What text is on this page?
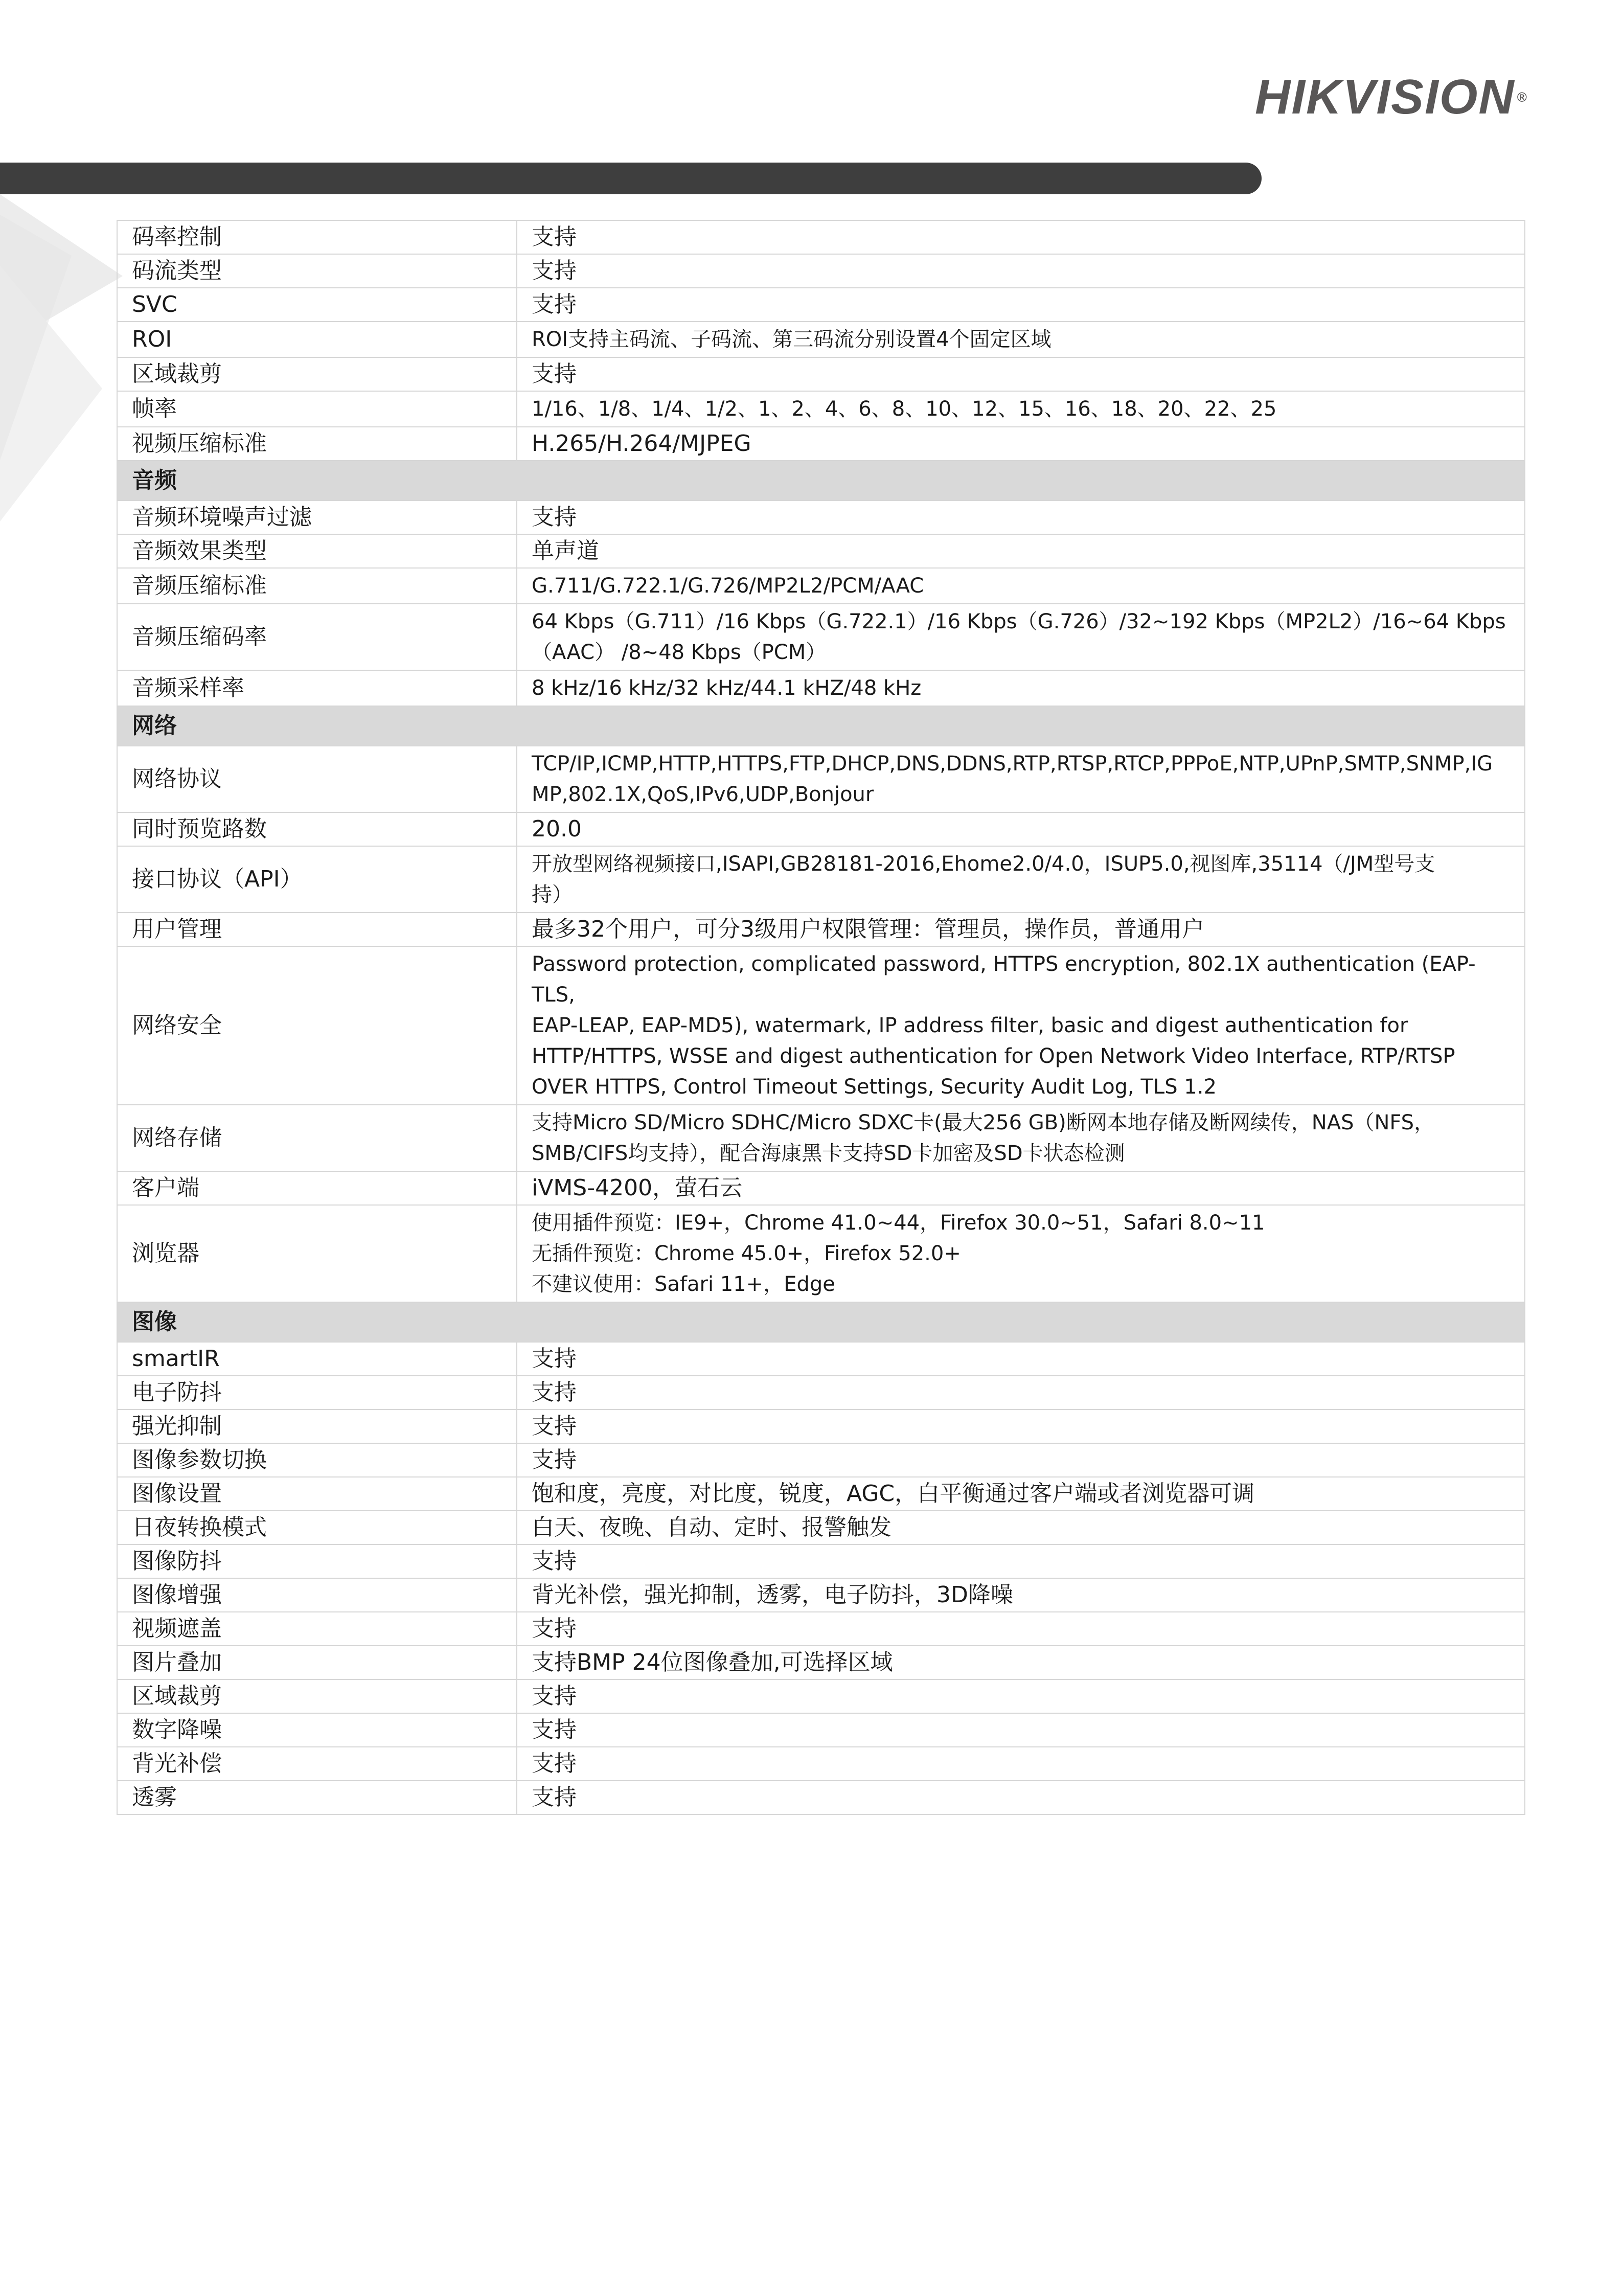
HIKVISION ®
码率控制	支持

码流类型	支持

SVC	支持

ROI	ROI支持主码流、子码流、第三码流分别设置4个固定区域

区域裁剪	支持

帧率	1/16、1/8、1/4、1/2、1、2、4、6、8、10、12、15、16、18、20、22、25

视频压缩标准	H.265/H.264/MJPEG

音频	
音频环境噪声过滤	支持

音频效果类型	单声道

音频压缩标准	G.711/G.722.1/G.726/MP2L2/PCM/AAC

音频压缩码率	64 Kbps（G.711）/16 Kbps（G.722.1）/16 Kbps（G.726）/32~192 Kbps（MP2L2）/16~64 Kbps
（AAC） /8~48 Kbps（PCM）

音频采样率	8 kHz/16 kHz/32 kHz/44.1 kHZ/48 kHz

网络	
网络协议	TCP/IP,ICMP,HTTP,HTTPS,FTP,DHCP,DNS,DDNS,RTP,RTSP,RTCP,PPPoE,NTP,UPnP,SMTP,SNMP,IG
MP,802.1X,QoS,IPv6,UDP,Bonjour

同时预览路数	20.0

接口协议（API）	开放型网络视频接口,ISAPI,GB28181-2016,Ehome2.0/4.0，ISUP5.0,视图库,35114（/JM型号支
持）

用户管理	最多32个用户，可分3级用户权限管理：管理员，操作员，普通用户

网络安全	Password protection, complicated password, HTTPS encryption, 802.1X authentication (EAP-TLS,
EAP-LEAP, EAP-MD5), watermark, IP address filter, basic and digest authentication for
HTTP/HTTPS, WSSE and digest authentication for Open Network Video Interface, RTP/RTSP
OVER HTTPS, Control Timeout Settings, Security Audit Log, TLS 1.2

网络存储	支持Micro SD/Micro SDHC/Micro SDXC卡(最大256 GB)断网本地存储及断网续传，NAS（NFS，
SMB/CIFS均支持），配合海康黑卡支持SD卡加密及SD卡状态检测

客户端	iVMS-4200，萤石云

浏览器	使用插件预览：IE9+，Chrome 41.0~44，Firefox 30.0~51，Safari 8.0~11
无插件预览：Chrome 45.0+，Firefox 52.0+
不建议使用：Safari 11+，Edge

图像	
smartIR	支持

电子防抖	支持

强光抑制	支持

图像参数切换	支持

图像设置	饱和度，亮度，对比度，锐度，AGC，白平衡通过客户端或者浏览器可调

日夜转换模式	白天、夜晚、自动、定时、报警触发

图像防抖	支持

图像增强	背光补偿，强光抑制，透雾，电子防抖，3D降噪

视频遮盖	支持

图片叠加	支持BMP 24位图像叠加,可选择区域

区域裁剪	支持

数字降噪	支持

背光补偿	支持

透雾	支持
